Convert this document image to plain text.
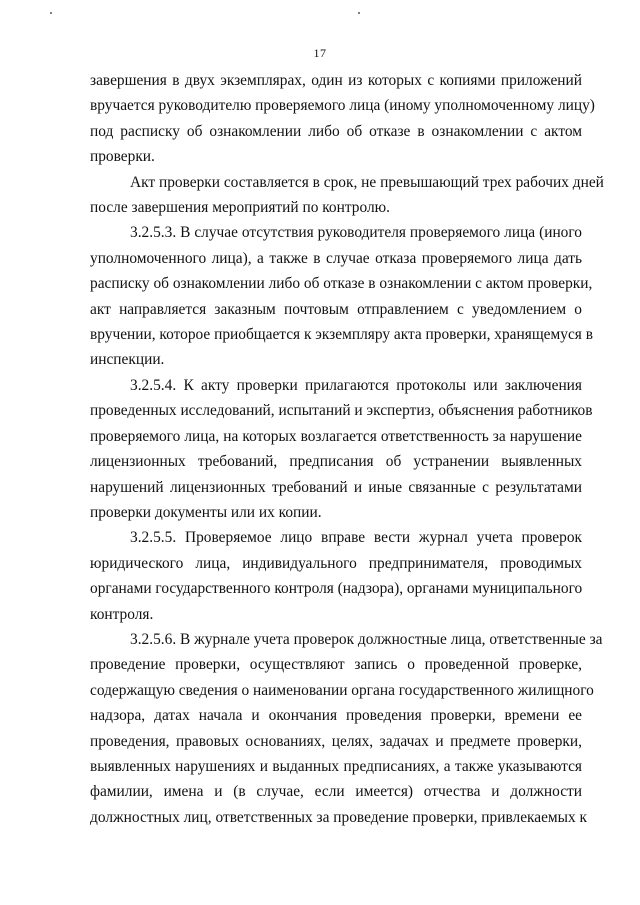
17
завершения в двух экземплярах, один из которых с копиями приложений
вручается руководителю проверяемого лица (иному уполномоченному лицу)
под расписку об ознакомлении либо об отказе в ознакомлении с актом
проверки.
Акт проверки составляется в срок, не превышающий трех рабочих дней
после завершения мероприятий по контролю.
3.2.5.3. В случае отсутствия руководителя проверяемого лица (иного
уполномоченного лица), а также в случае отказа проверяемого лица дать
расписку об ознакомлении либо об отказе в ознакомлении с актом проверки,
акт направляется заказным почтовым отправлением с уведомлением о
вручении, которое приобщается к экземпляру акта проверки, хранящемуся в
инспекции.
3.2.5.4. К акту проверки прилагаются протоколы или заключения
проведенных исследований, испытаний и экспертиз, объяснения работников
проверяемого лица, на которых возлагается ответственность за нарушение
лицензионных требований, предписания об устранении выявленных
нарушений лицензионных требований и иные связанные с результатами
проверки документы или их копии.
3.2.5.5. Проверяемое лицо вправе вести журнал учета проверок
юридического лица, индивидуального предпринимателя, проводимых
органами государственного контроля (надзора), органами муниципального
контроля.
3.2.5.6. В журнале учета проверок должностные лица, ответственные за
проведение проверки, осуществляют запись о проведенной проверке,
содержащую сведения о наименовании органа государственного жилищного
надзора, датах начала и окончания проведения проверки, времени ее
проведения, правовых основаниях, целях, задачах и предмете проверки,
выявленных нарушениях и выданных предписаниях, а также указываются
фамилии, имена и (в случае, если имеется) отчества и должности
должностных лиц, ответственных за проведение проверки, привлекаемых к
